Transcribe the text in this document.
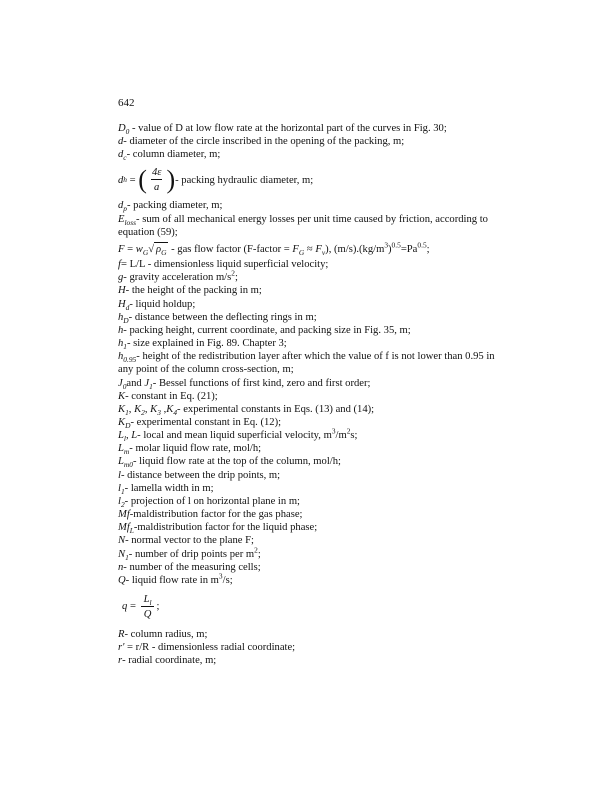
642
$D_0$ - value of D at low flow rate at the horizontal part of the curves in Fig. 30;
d- diameter of the circle inscribed in the opening of the packing, m;
$d_c-$ column diameter, m;
d h = ( $\frac{4\varepsilon}{a}$ ) - packing hydraulic diameter, m;
$d_p-$ packing diameter, m;
$E_{loss}-$ sum of all mechanical energy losses per unit time caused by friction, according to equation (59);
$F = w_G√$ $\rho_G$ - gas flow factor (F-factor = $F_G \approx F_v$), $(m/s).(kg/m^3)^{0.5}=Pa^{0.5}$;
f= L/L - dimensionless liquid superficial velocity;
g- gravity acceleration $m/s^2$;
H- the height of the packing in m;
$H_d-$ liquid holdup;
$h_D-$ distance between the deflecting rings in m;
h- packing height, current coordinate, and packing size in Fig. 35, m;
$h_1-$ size explained in Fig. 89. Chapter 3;
$h_{0.95}-$ height of the redistribution layer after which the value of f is not lower than 0.95 in any point of the column cross-section, m;
$J_0and$ $J_1-$ Bessel functions of first kind, zero and first order;
K- constant in Eq. (21);
$K_1$, $K_2$, $K_3$ $,K_4-$ experimental constants in Eqs. (13) and (14);
$K_D-$ experimental constant in Eq. (12);
$L_l$, L- local and mean liquid superficial velocity, $m^3/m^2s$;
$L_m-$ molar liquid flow rate, mol/h;
$L_{m0}-$ liquid flow rate at the top of the column, mol/h;
l- distance between the drip points, m;
$l_1-$ lamella width in m;
$l_2-$ projection of l on horizontal plane in m;
Mf-maldistribution factor for the gas phase;
$Mf_L$-maldistribution factor for the liquid phase;
N- normal vector to the plane F;
$N_1-$ number of drip points per $m^2$;
n- number of the measuring cells;
Q- liquid flow rate in $m^3/s$;
$q = \frac{L_l}{Q}$ ;
R- column radius, m;
r' = r/R - dimensionless radial coordinate;
r- radial coordinate, m;
